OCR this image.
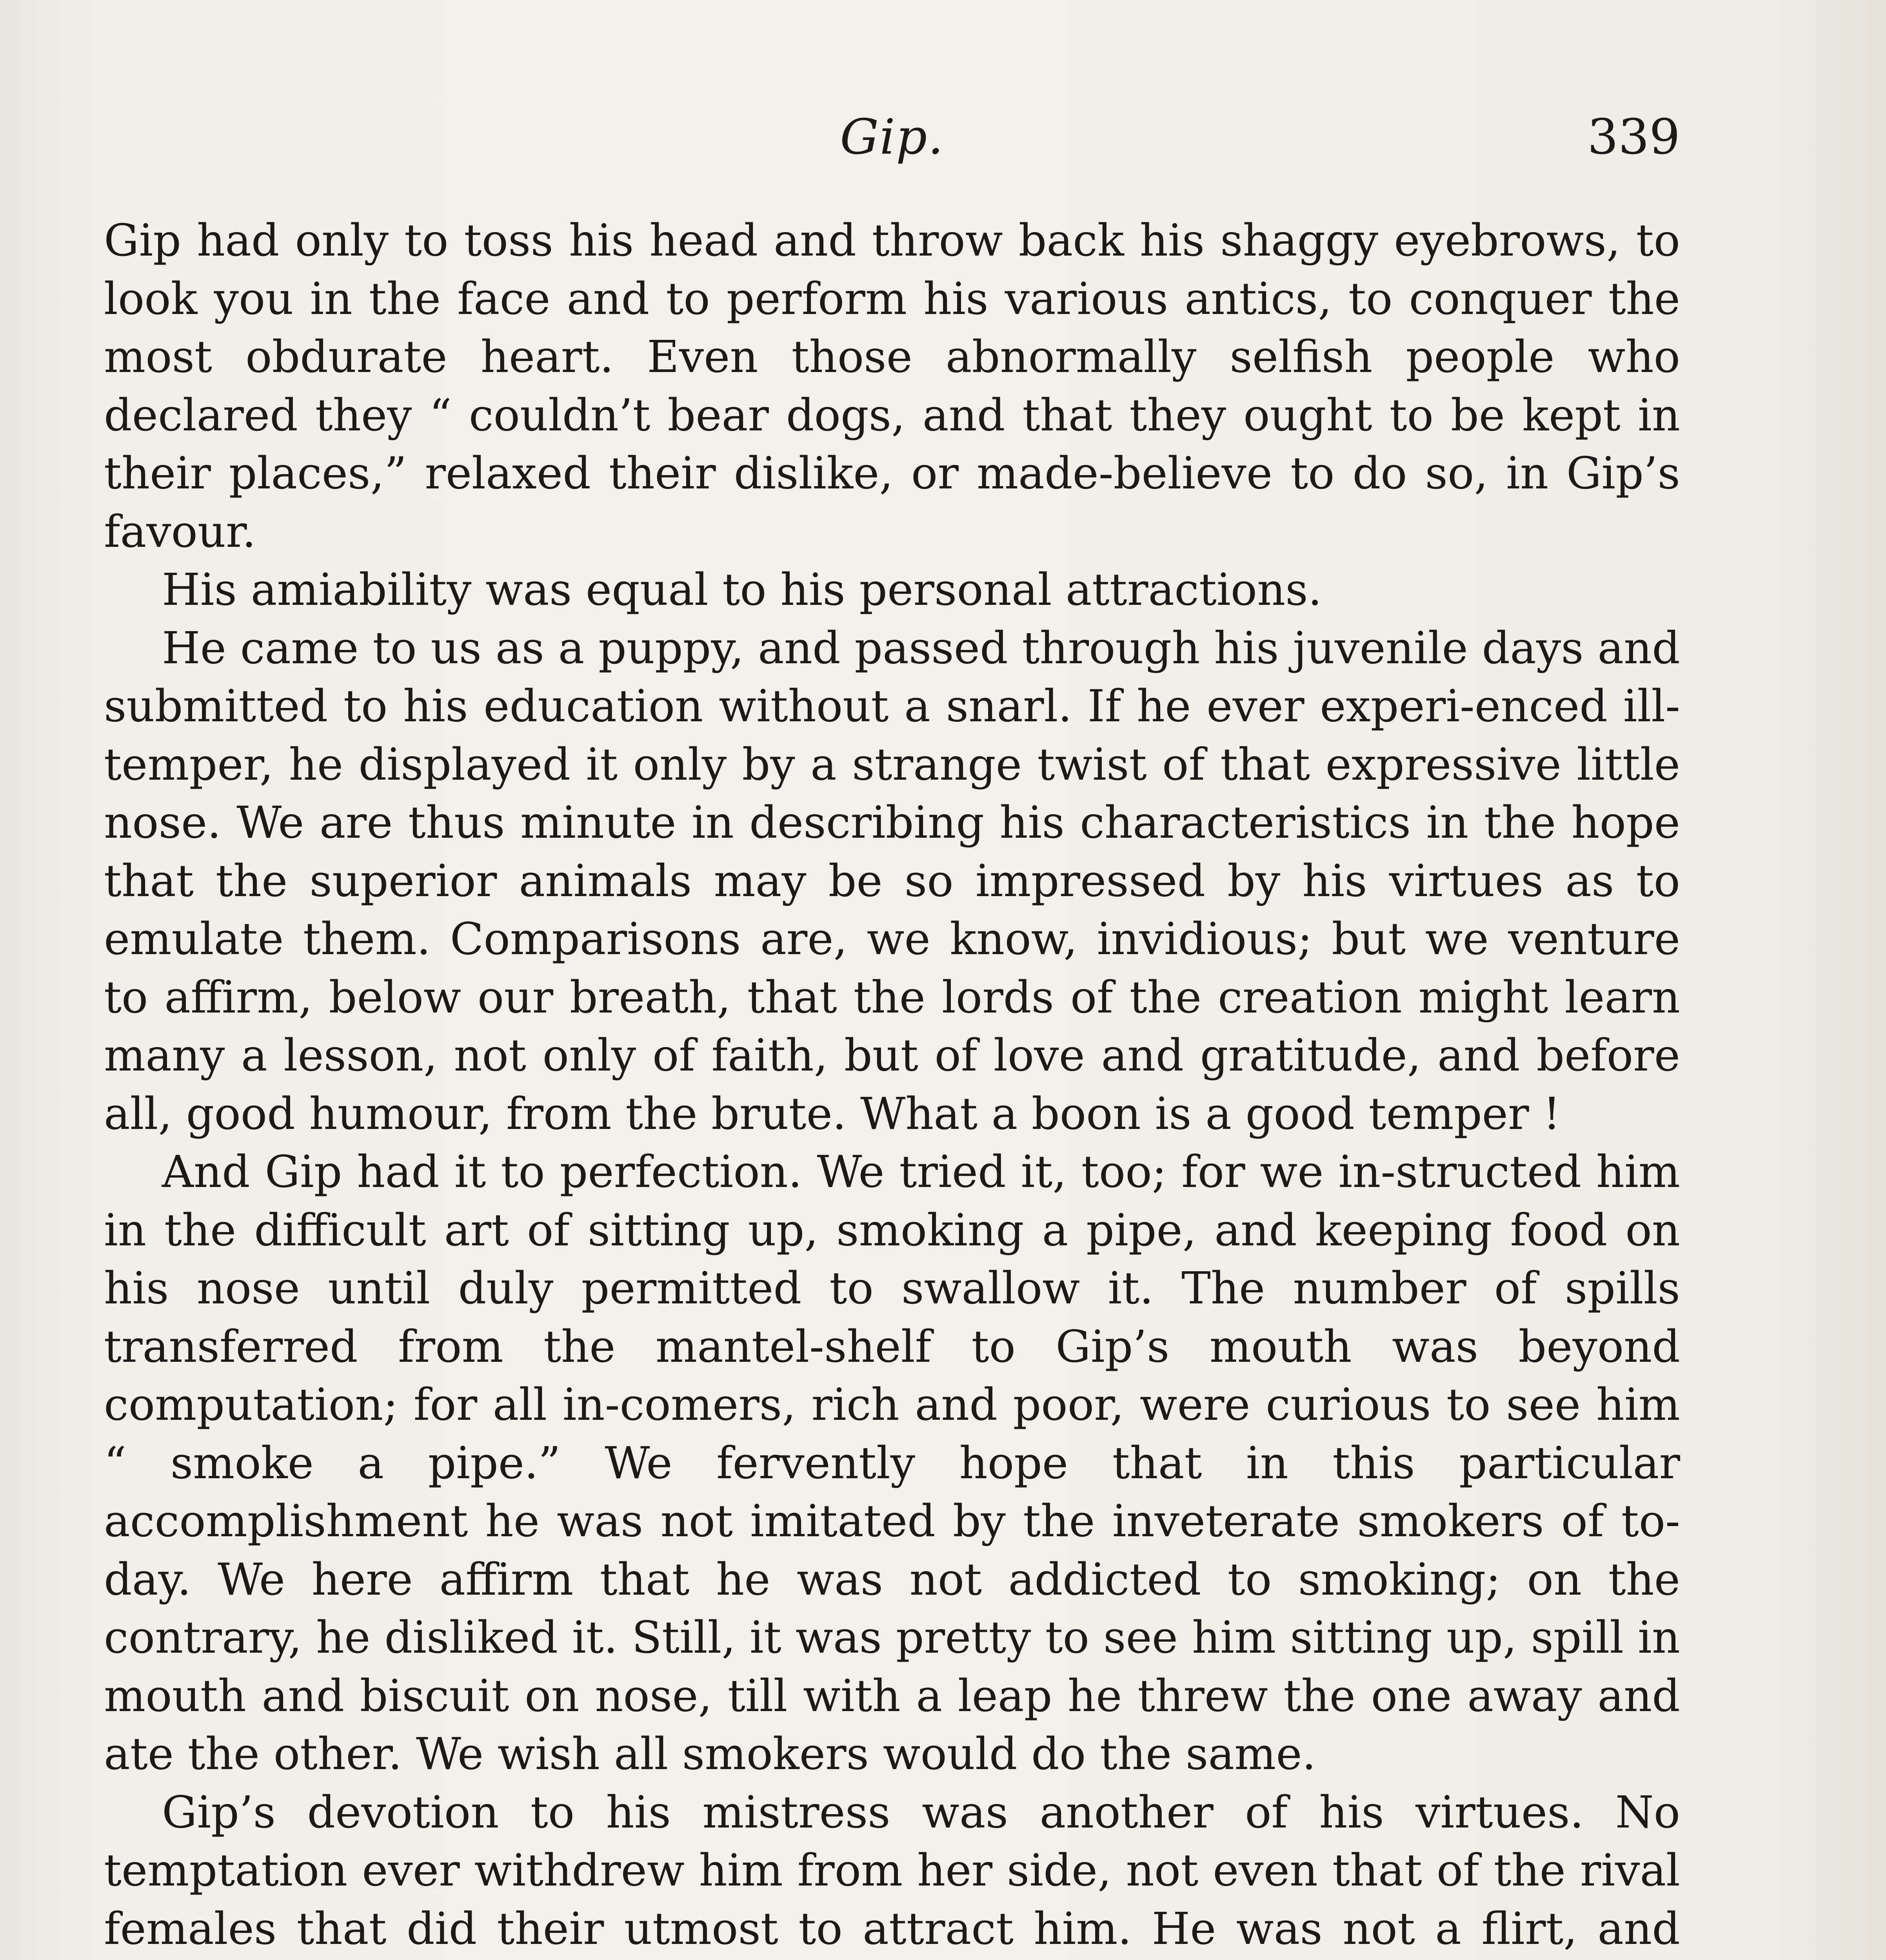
Gip.	339

Gip had only to toss his head and throw back his shaggy eyebrows, to look you in the face and to perform his various antics, to conquer the most obdurate heart. Even those abnormally selfish people who declared they “ couldn’t bear dogs, and that they ought to be kept in their places,” relaxed their dislike, or made-believe to do so, in Gip’s favour.

His amiability was equal to his personal attractions.

He came to us as a puppy, and passed through his juvenile days and submitted to his education without a snarl. If he ever experi-enced ill-temper, he displayed it only by a strange twist of that expressive little nose. We are thus minute in describing his characteristics in the hope that the superior animals may be so impressed by his virtues as to emulate them. Comparisons are, we know, invidious; but we venture to affirm, below our breath, that the lords of the creation might learn many a lesson, not only of faith, but of love and gratitude, and before all, good humour, from the brute. What a boon is a good temper !

And Gip had it to perfection. We tried it, too; for we in-structed him in the difficult art of sitting up, smoking a pipe, and keeping food on his nose until duly permitted to swallow it. The number of spills transferred from the mantel-shelf to Gip’s mouth was beyond computation; for all in-comers, rich and poor, were curious to see him “ smoke a pipe.” We fervently hope that in this particular accomplishment he was not imitated by the inveterate smokers of to-day. We here affirm that he was not addicted to smoking; on the contrary, he disliked it. Still, it was pretty to see him sitting up, spill in mouth and biscuit on nose, till with a leap he threw the one away and ate the other. We wish all smokers would do the same.

Gip’s devotion to his mistress was another of his virtues. No temptation ever withdrew him from her side, not even that of the rival females that did their utmost to attract him. He was not a flirt, and
